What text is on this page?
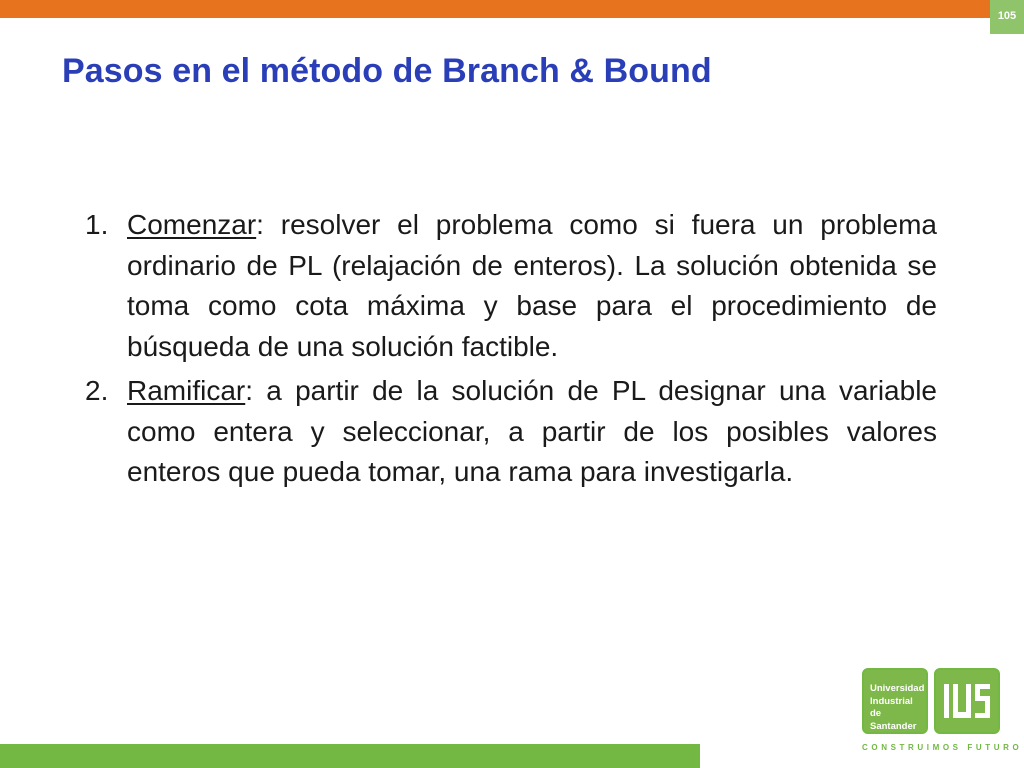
105
Pasos en el método de Branch & Bound
1. Comenzar: resolver el problema como si fuera un problema ordinario de PL (relajación de enteros). La solución obtenida se toma como cota máxima y base para el procedimiento de búsqueda de una solución factible.
2. Ramificar: a partir de la solución de PL designar una variable como entera y seleccionar, a partir de los posibles valores enteros que pueda tomar, una rama para investigarla.
Universidad
Industrial de
Santander
CONSTRUIMOS FUTURO
